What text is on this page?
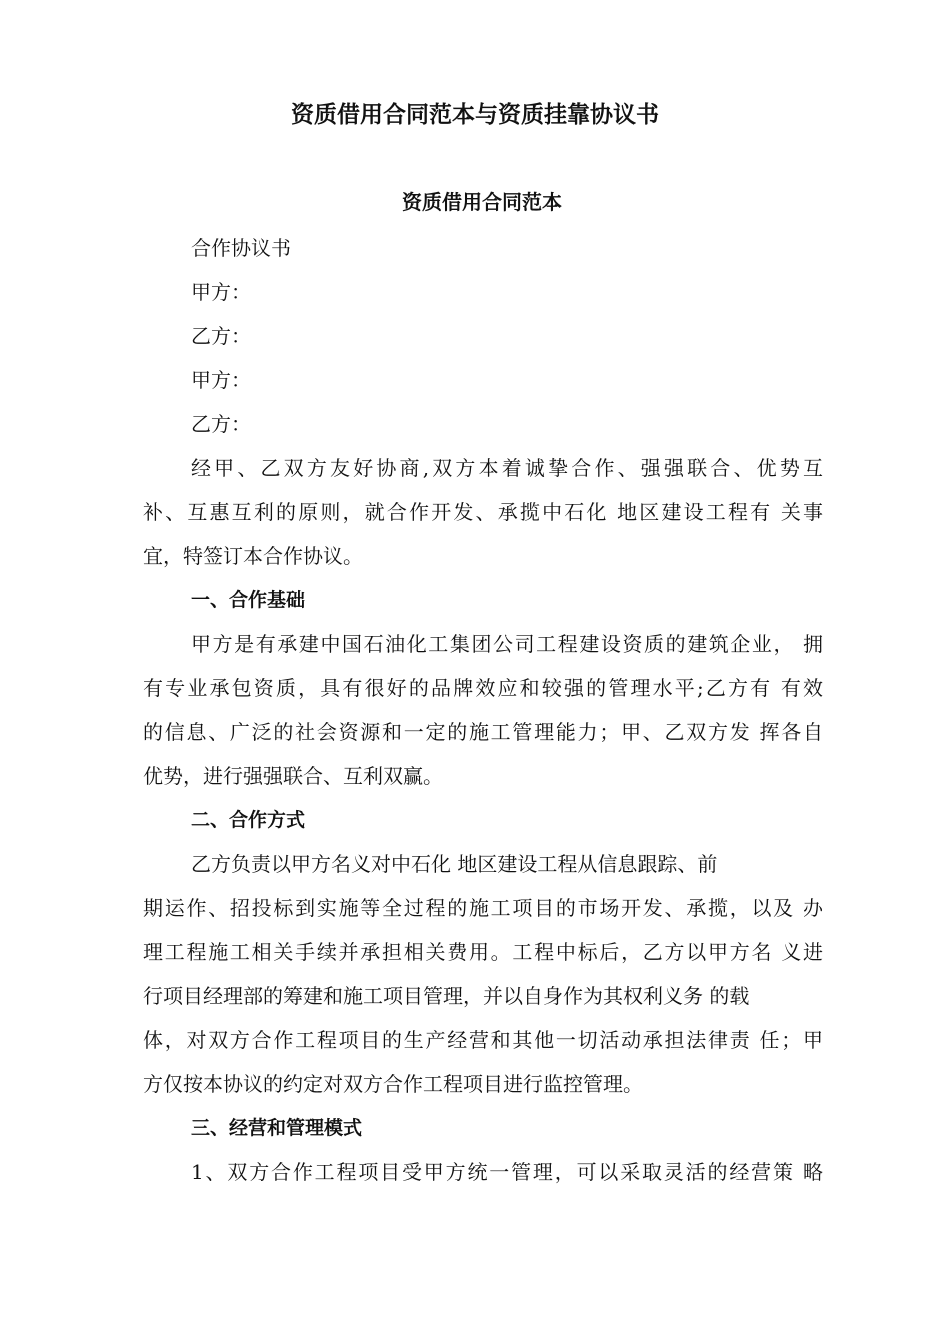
资质借用合同范本与资质挂靠协议书
资质借用合同范本
合作协议书
甲方：
乙方：
甲方：
乙方：
经甲、乙双方友好协商,双方本着诚挚合作、强强联合、优势互
补、互惠互利的原则，就合作开发、承揽中石化 地区建设工程有 关事
宜，特签订本合作协议。
一、合作基础
甲方是有承建中国石油化工集团公司工程建设资质的建筑企业， 拥
有专业承包资质，具有很好的品牌效应和较强的管理水平;乙方有 有效
的信息、广泛的社会资源和一定的施工管理能力；甲、乙双方发 挥各自
优势，进行强强联合、互利双赢。
二、合作方式
乙方负责以甲方名义对中石化 地区建设工程从信息跟踪、前
期运作、招投标到实施等全过程的施工项目的市场开发、承揽，以及 办
理工程施工相关手续并承担相关费用。工程中标后，乙方以甲方名 义进
行项目经理部的筹建和施工项目管理，并以自身作为其权利义务 的载
体，对双方合作工程项目的生产经营和其他一切活动承担法律责 任；甲
方仅按本协议的约定对双方合作工程项目进行监控管理。
三、经营和管理模式
1、双方合作工程项目受甲方统一管理，可以采取灵活的经营策 略
